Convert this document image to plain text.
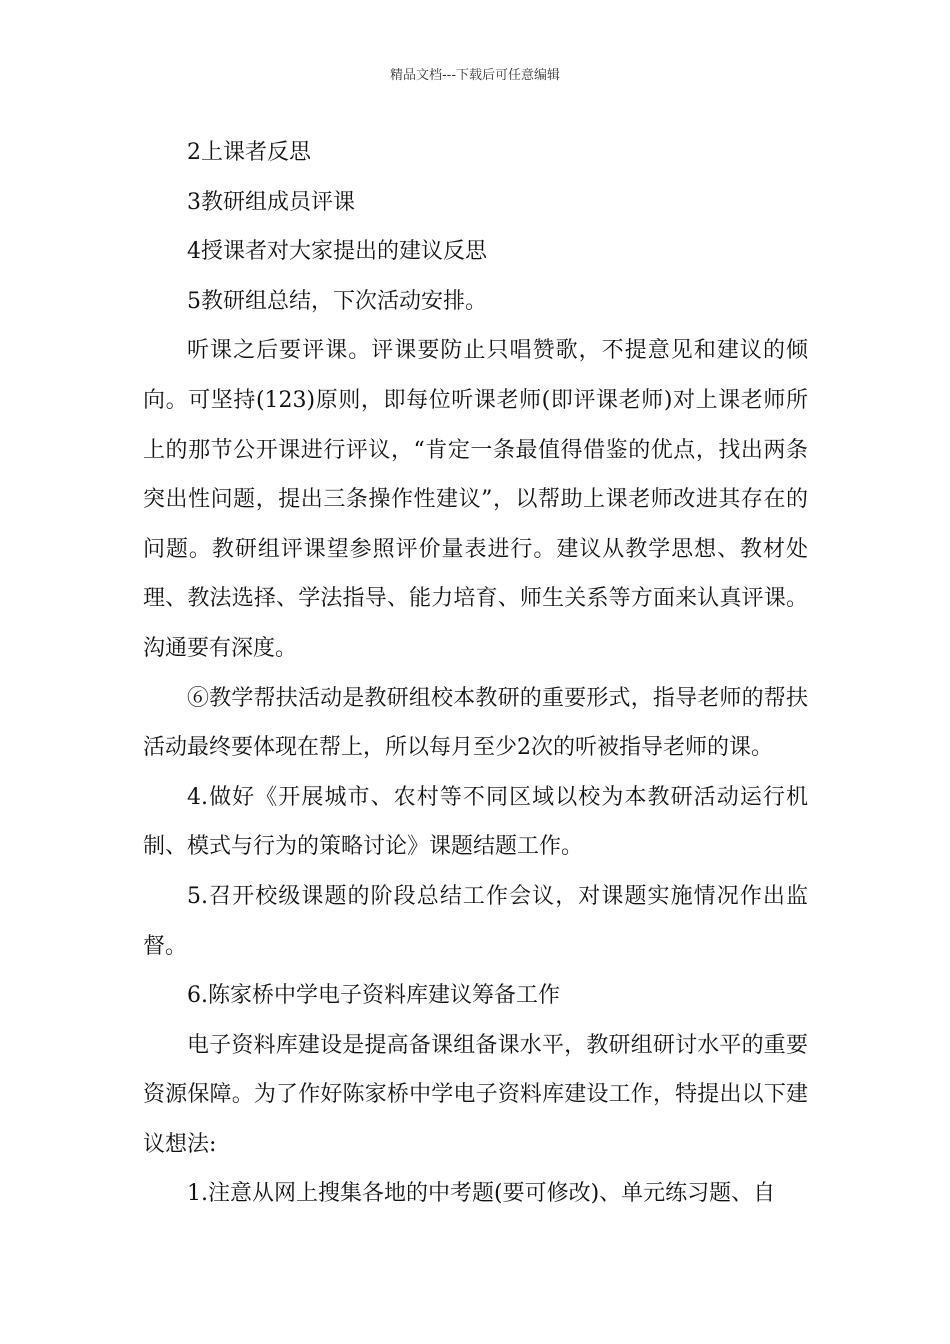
精品文档---下载后可任意编辑

2上课者反思

3教研组成员评课

4授课者对大家提出的建议反思

5教研组总结，下次活动安排。

听课之后要评课。评课要防止只唱赞歌，不提意见和建议的倾向。可坚持(123)原则，即每位听课老师(即评课老师)对上课老师所上的那节公开课进行评议，“肯定一条最值得借鉴的优点，找出两条突出性问题，提出三条操作性建议”，以帮助上课老师改进其存在的问题。教研组评课望参照评价量表进行。建议从教学思想、教材处理、教法选择、学法指导、能力培育、师生关系等方面来认真评课。沟通要有深度。

⑥教学帮扶活动是教研组校本教研的重要形式，指导老师的帮扶活动最终要体现在帮上，所以每月至少2次的听被指导老师的课。

4.做好《开展城市、农村等不同区域以校为本教研活动运行机制、模式与行为的策略讨论》课题结题工作。

5.召开校级课题的阶段总结工作会议，对课题实施情况作出监督。

6.陈家桥中学电子资料库建议筹备工作

电子资料库建设是提高备课组备课水平，教研组研讨水平的重要资源保障。为了作好陈家桥中学电子资料库建设工作，特提出以下建议想法:

1.注意从网上搜集各地的中考题(要可修改)、单元练习题、自
